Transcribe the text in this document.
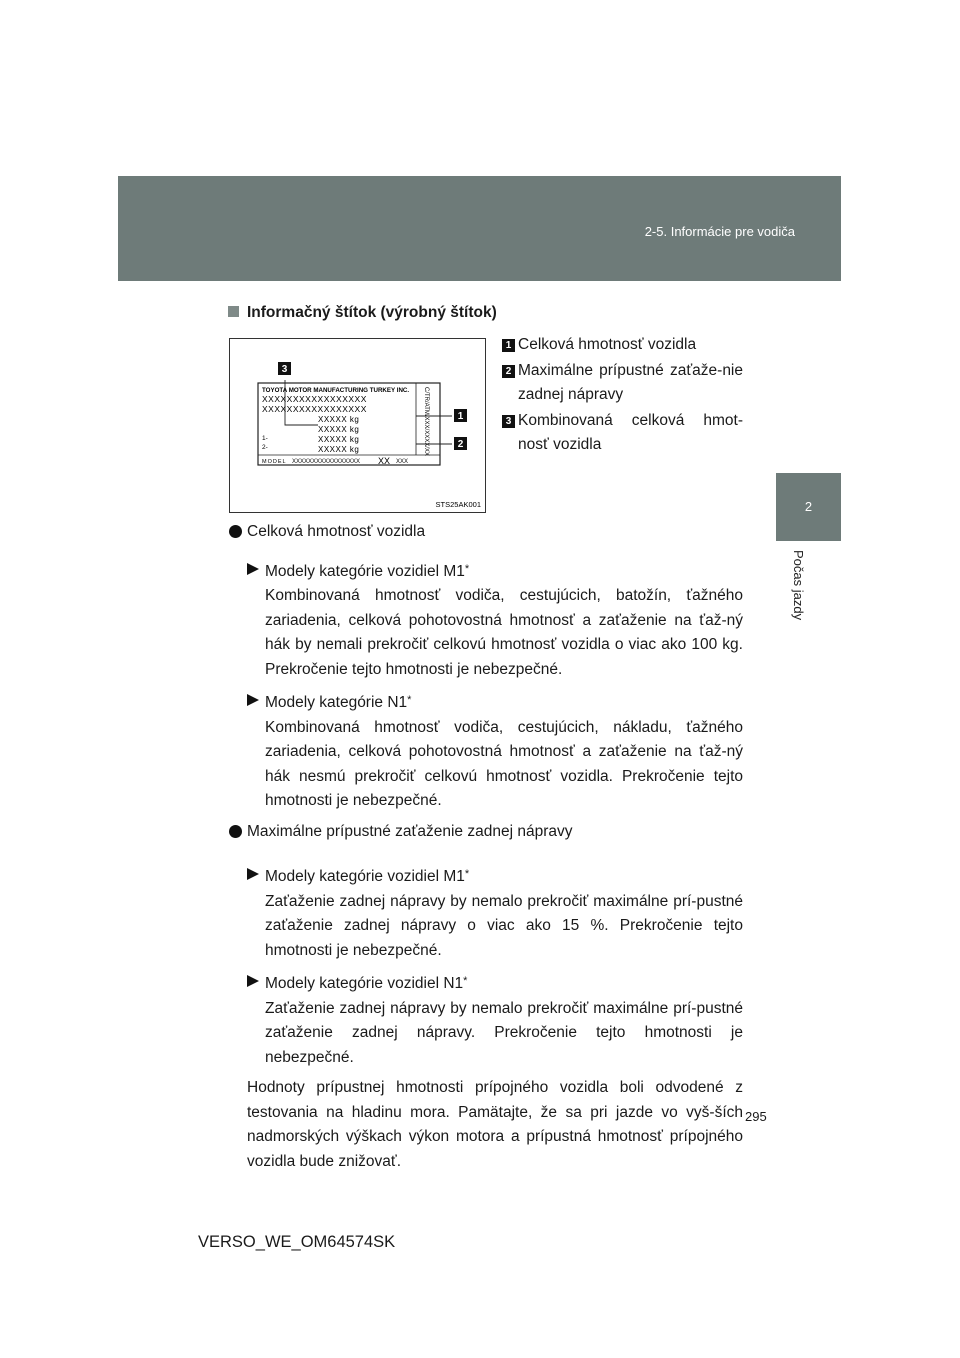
2-5. Informácie pre vodiča
2
Počas jazdy
Informačný štítok (výrobný štítok)
TOYOTA MOTOR MANUFACTURING TURKEY INC.
XXXXXXXXXXXXXXXXX
XXXXXXXXXXXXXXXXX
XXXXX kg
XXXXX kg
XXXXX kg
XXXXX kg
1-
2-
MODEL XXXXXXXXXXXXXXXXX XX XXX
C/TR/ATM/XXX/XXXX/XX
3
1
2
STS25AK001
1 Celková hmotnosť vozidla
2 Maximálne prípustné zaťaže-nie zadnej nápravy
3 Kombinovaná celková hmot-nosť vozidla
Celková hmotnosť vozidla
Modely kategórie vozidiel M1*
Kombinovaná hmotnosť vodiča, cestujúcich, batožín, ťažného zariadenia, celková pohotovostná hmotnosť a zaťaženie na ťaž-ný hák by nemali prekročiť celkovú hmotnosť vozidla o viac ako 100 kg. Prekročenie tejto hmotnosti je nebezpečné.
Modely kategórie N1*
Kombinovaná hmotnosť vodiča, cestujúcich, nákladu, ťažného zariadenia, celková pohotovostná hmotnosť a zaťaženie na ťaž-ný hák nesmú prekročiť celkovú hmotnosť vozidla. Prekročenie tejto hmotnosti je nebezpečné.
Maximálne prípustné zaťaženie zadnej nápravy
Modely kategórie vozidiel M1*
Zaťaženie zadnej nápravy by nemalo prekročiť maximálne prí-pustné zaťaženie zadnej nápravy o viac ako 15 %. Prekročenie tejto hmotnosti je nebezpečné.
Modely kategórie vozidiel N1*
Zaťaženie zadnej nápravy by nemalo prekročiť maximálne prí-pustné zaťaženie zadnej nápravy. Prekročenie tejto hmotnosti je nebezpečné.
Hodnoty prípustnej hmotnosti prípojného vozidla boli odvodené z testovania na hladinu mora. Pamätajte, že sa pri jazde vo vyš-ších nadmorských výškach výkon motora a prípustná hmotnosť prípojného vozidla bude znižovať.
295
VERSO_WE_OM64574SK
